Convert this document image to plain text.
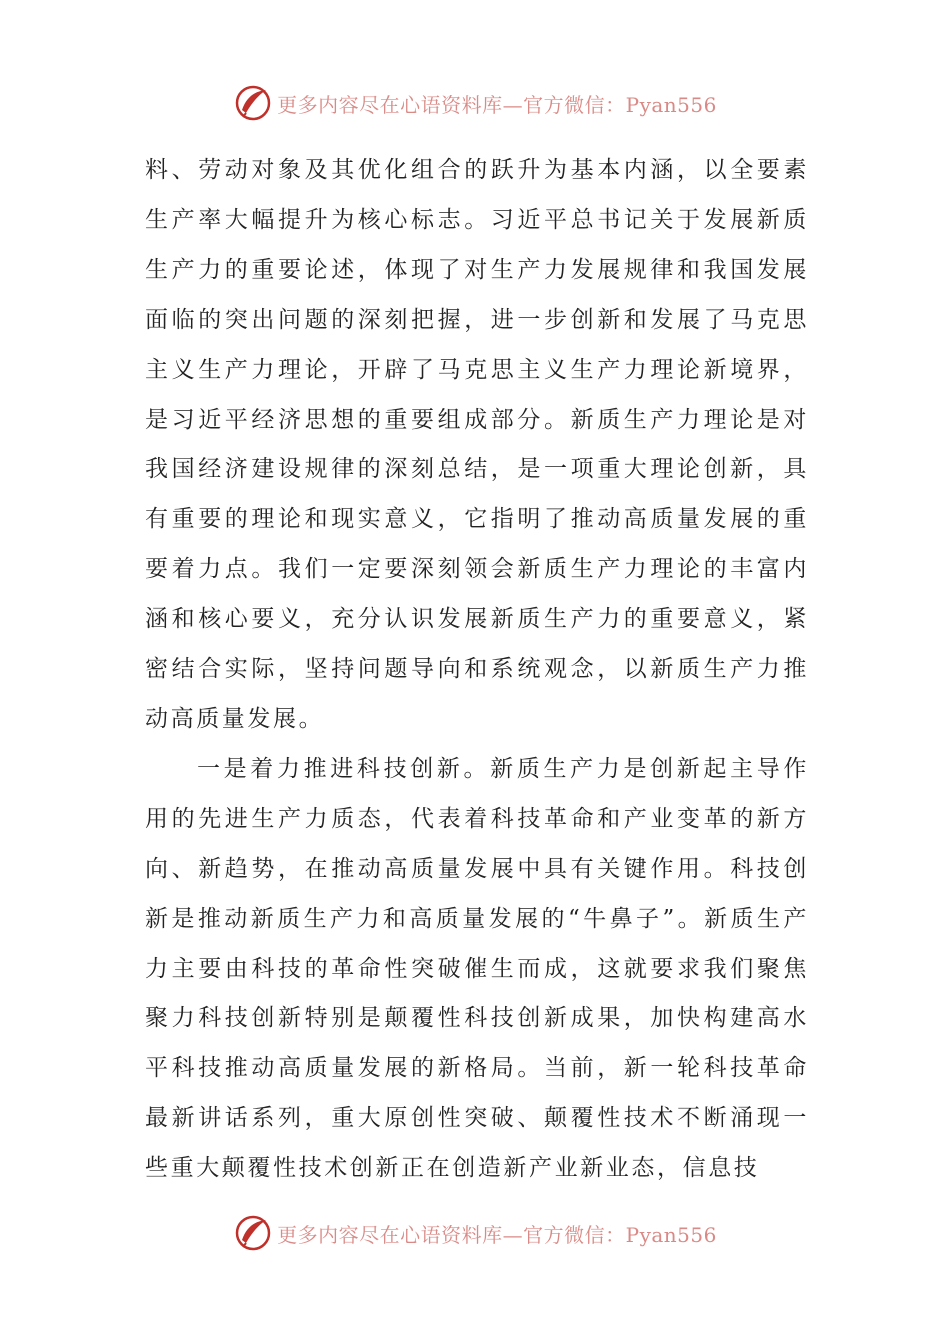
更多内容尽在心语资料库—官方微信：Pyan556

料、劳动对象及其优化组合的跃升为基本内涵，以全要素生产率大幅提升为核心标志。习近平总书记关于发展新质生产力的重要论述，体现了对生产力发展规律和我国发展面临的突出问题的深刻把握，进一步创新和发展了马克思主义生产力理论，开辟了马克思主义生产力理论新境界，是习近平经济思想的重要组成部分。新质生产力理论是对我国经济建设规律的深刻总结，是一项重大理论创新，具有重要的理论和现实意义，它指明了推动高质量发展的重要着力点。我们一定要深刻领会新质生产力理论的丰富内涵和核心要义，充分认识发展新质生产力的重要意义，紧密结合实际，坚持问题导向和系统观念，以新质生产力推动高质量发展。

一是着力推进科技创新。新质生产力是创新起主导作用的先进生产力质态，代表着科技革命和产业变革的新方向、新趋势，在推动高质量发展中具有关键作用。科技创新是推动新质生产力和高质量发展的“牛鼻子”。新质生产力主要由科技的革命性突破催生而成，这就要求我们聚焦聚力科技创新特别是颠覆性科技创新成果，加快构建高水平科技推动高质量发展的新格局。当前，新一轮科技革命最新讲话系列，重大原创性突破、颠覆性技术不断涌现一些重大颠覆性技术创新正在创造新产业新业态，信息技

更多内容尽在心语资料库—官方微信：Pyan556
